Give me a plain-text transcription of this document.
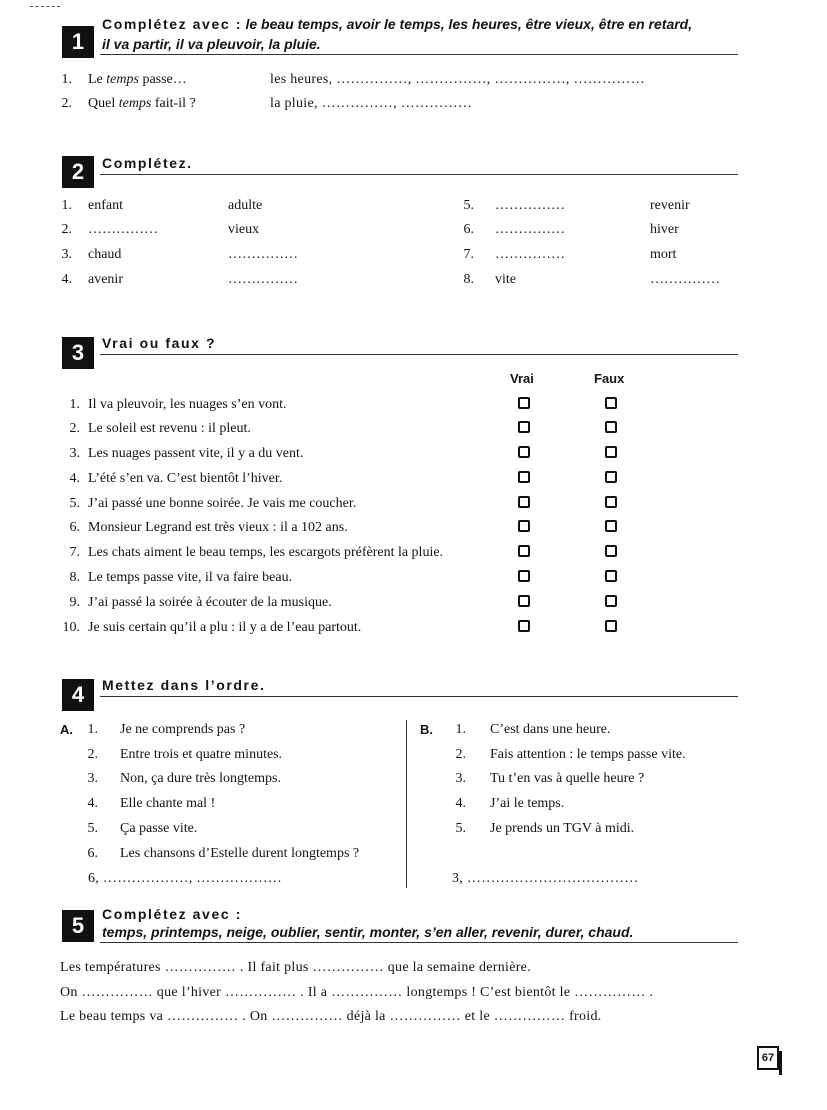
1
Complétez avec : le beau temps, avoir le temps, les heures, être vieux, être en retard,
il va partir, il va pleuvoir, la pluie.
1. Le temps passe…	les heures, ……………, ……………, ……………, ……………
2. Quel temps fait-il ?	la pluie, ……………, ……………
2	Complétez.
1. enfant	adulte	5. ……………	revenir
2. ……………	vieux	6. ……………	hiver
3. chaud	……………	7. ……………	mort
4. avenir	……………	8. vite	……………
3	Vrai ou faux ?
Vrai	Faux
1. Il va pleuvoir, les nuages s’en vont.
2. Le soleil est revenu : il pleut.
3. Les nuages passent vite, il y a du vent.
4. L’été s’en va. C’est bientôt l’hiver.
5. J’ai passé une bonne soirée. Je vais me coucher.
6. Monsieur Legrand est très vieux : il a 102 ans.
7. Les chats aiment le beau temps, les escargots préfèrent la pluie.
8. Le temps passe vite, il va faire beau.
9. J’ai passé la soirée à écouter de la musique.
10. Je suis certain qu’il a plu : il y a de l’eau partout.
4	Mettez dans l’ordre.
A.	B.
1. Je ne comprends pas ?
2. Entre trois et quatre minutes.
3. Non, ça dure très longtemps.
4. Elle chante mal !
5. Ça passe vite.
6. Les chansons d’Estelle durent longtemps ?
6, ………………, ………………
1. C’est dans une heure.
2. Fais attention : le temps passe vite.
3. Tu t’en vas à quelle heure ?
4. J’ai le temps.
5. Je prends un TGV à midi.
3, ………………………………
5	Complétez avec :
temps, printemps, neige, oublier, sentir, monter, s’en aller, revenir, durer, chaud.
Les températures …………… . Il fait plus …………… que la semaine dernière.
On …………… que l’hiver …………… . Il a …………… longtemps ! C’est bientôt le …………… .
Le beau temps va …………… . On …………… déjà la …………… et le …………… froid.
67
